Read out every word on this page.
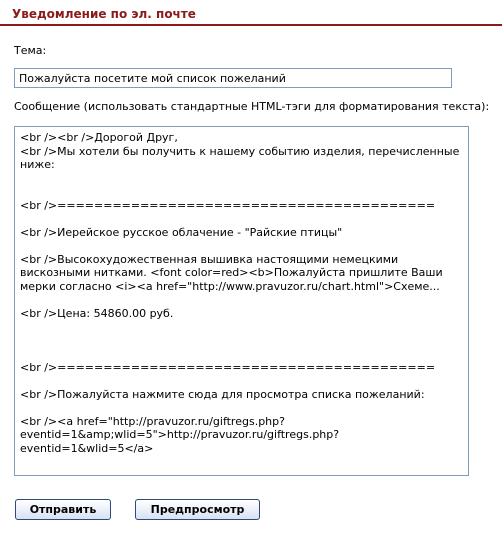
Уведомление по эл. почте
Тема:
Пожалуйста посетите мой список пожеланий
Сообщение (использовать стандартные HTML-тэги для форматирования текста):
<br /><br />Дорогой Друг, <br />Мы хотели бы получить к нашему событию изделия, перечисленные ниже: <br />========================================= <br />Иерейское русское облачение - "Райские птицы" <br />Высокохудожественная вышивка настоящими немецкими вискозными нитками. <font color=red><b>Пожалуйста пришлите Ваши мерки согласно <i><a href="http://www.pravuzor.ru/chart.html">Схеме... <br />Цена: 54860.00 руб. <br />========================================= <br />Пожалуйста нажмите сюда для просмотра списка пожеланий: <br /><a href="http://pravuzor.ru/giftregs.php?eventid=1&amp;wlid=5">http://pravuzor.ru/giftregs.php?eventid=1&wlid=5</a>
Отправить	Предпросмотр
